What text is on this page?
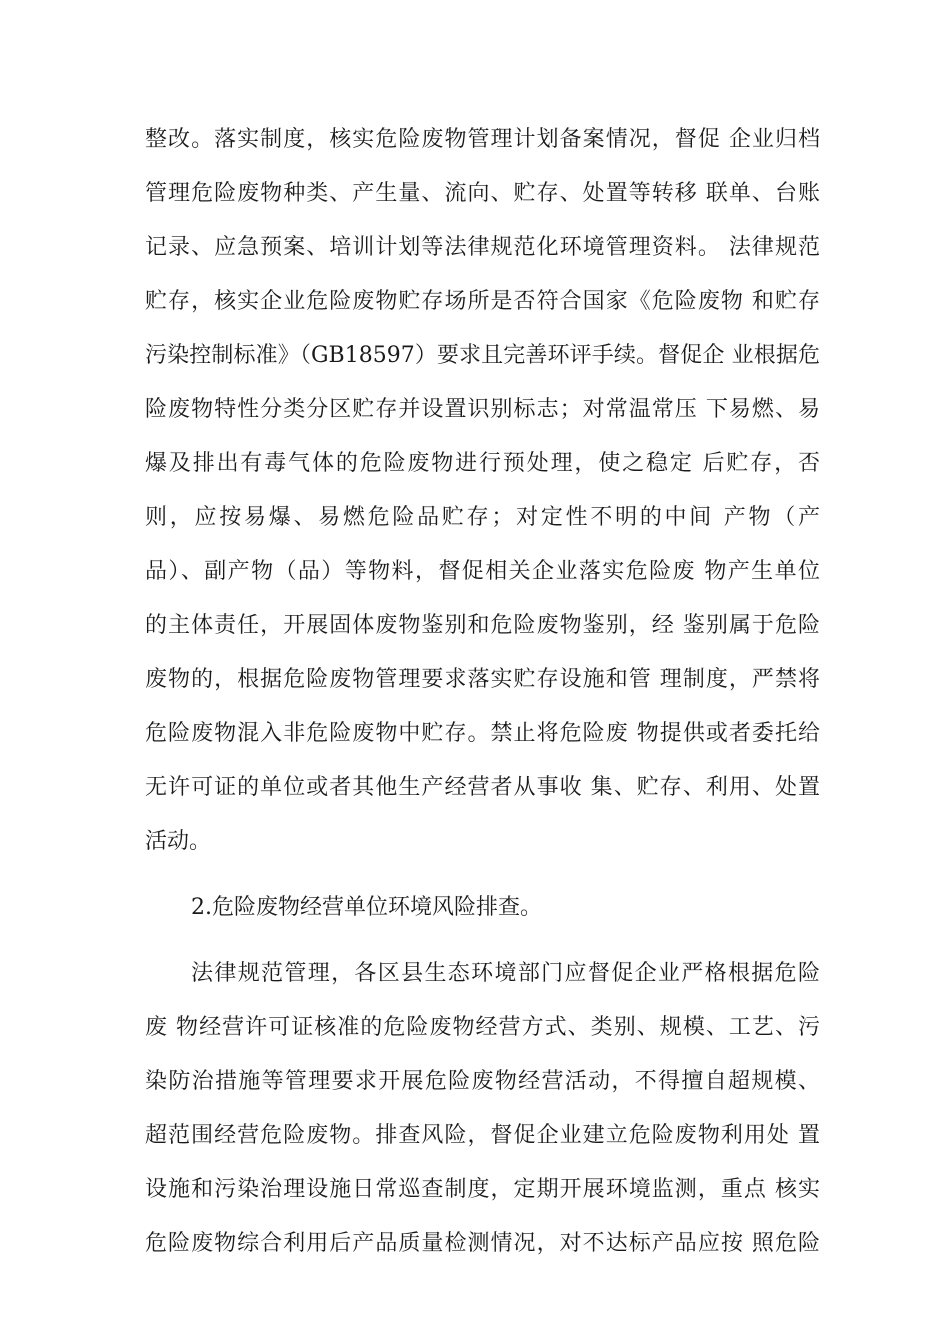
整改。落实制度，核实危险废物管理计划备案情况，督促 企业归档
管理危险废物种类、产生量、流向、贮存、处置等转移 联单、台账
记录、应急预案、培训计划等法律规范化环境管理资料。 法律规范
贮存，核实企业危险废物贮存场所是否符合国家《危险废物 和贮存
污染控制标准》（GB18597）要求且完善环评手续。督促企 业根据危
险废物特性分类分区贮存并设置识别标志；对常温常压 下易燃、易
爆及排出有毒气体的危险废物进行预处理，使之稳定 后贮存，否
则，应按易爆、易燃危险品贮存；对定性不明的中间 产物（产
品）、副产物（品）等物料，督促相关企业落实危险废 物产生单位
的主体责任，开展固体废物鉴别和危险废物鉴别，经 鉴别属于危险
废物的，根据危险废物管理要求落实贮存设施和管 理制度，严禁将
危险废物混入非危险废物中贮存。禁止将危险废 物提供或者委托给
无许可证的单位或者其他生产经营者从事收 集、贮存、利用、处置
活动。
2.危险废物经营单位环境风险排查。
法律规范管理，各区县生态环境部门应督促企业严格根据危险
废 物经营许可证核准的危险废物经营方式、类别、规模、工艺、污
染防治措施等管理要求开展危险废物经营活动，不得擅自超规模、
超范围经营危险废物。排查风险，督促企业建立危险废物利用处 置
设施和污染治理设施日常巡查制度，定期开展环境监测，重点 核实
危险废物综合利用后产品质量检测情况，对不达标产品应按 照危险
